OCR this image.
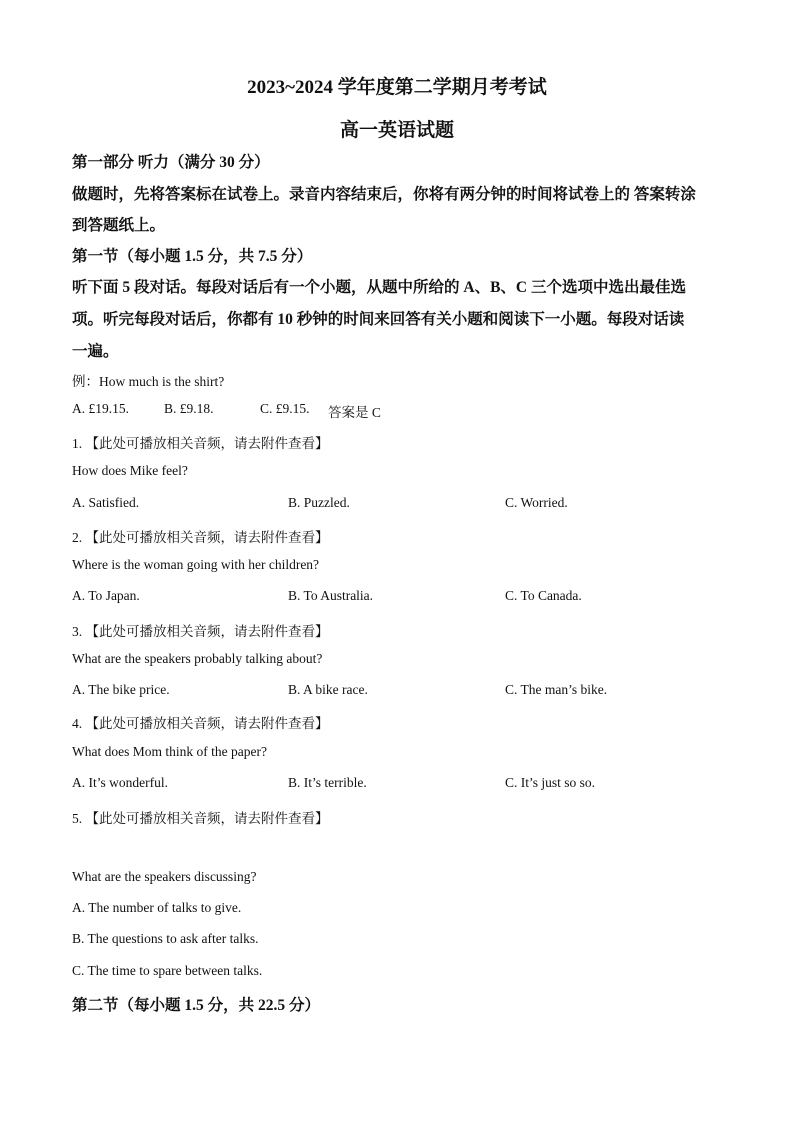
2023~2024 学年度第二学期月考考试
高一英语试题
第一部分 听力（满分 30 分）
做题时，先将答案标在试卷上。录音内容结束后，你将有两分钟的时间将试卷上的 答案转涂
到答题纸上。
第一节（每小题 1.5 分，共 7.5 分）
听下面 5 段对话。每段对话后有一个小题，从题中所给的 A、B、C 三个选项中选出最佳选
项。听完每段对话后，你都有 10 秒钟的时间来回答有关小题和阅读下一小题。每段对话读
一遍。
例：How much is the shirt?
A. £19.15.	B. £9.18.	C. £9.15. 答案是 C
1. 【此处可播放相关音频，请去附件查看】
How does Mike feel?
A. Satisfied.	B. Puzzled.	C. Worried.
2. 【此处可播放相关音频，请去附件查看】
Where is the woman going with her children?
A. To Japan.	B. To Australia.	C. To Canada.
3. 【此处可播放相关音频，请去附件查看】
What are the speakers probably talking about?
A. The bike price.	B. A bike race.	C. The man’s bike.
4. 【此处可播放相关音频，请去附件查看】
What does Mom think of the paper?
A. It’s wonderful.	B. It’s terrible.	C. It’s just so so.
5. 【此处可播放相关音频，请去附件查看】
What are the speakers discussing?
A. The number of talks to give.
B. The questions to ask after talks.
C. The time to spare between talks.
第二节（每小题 1.5 分，共 22.5 分）
